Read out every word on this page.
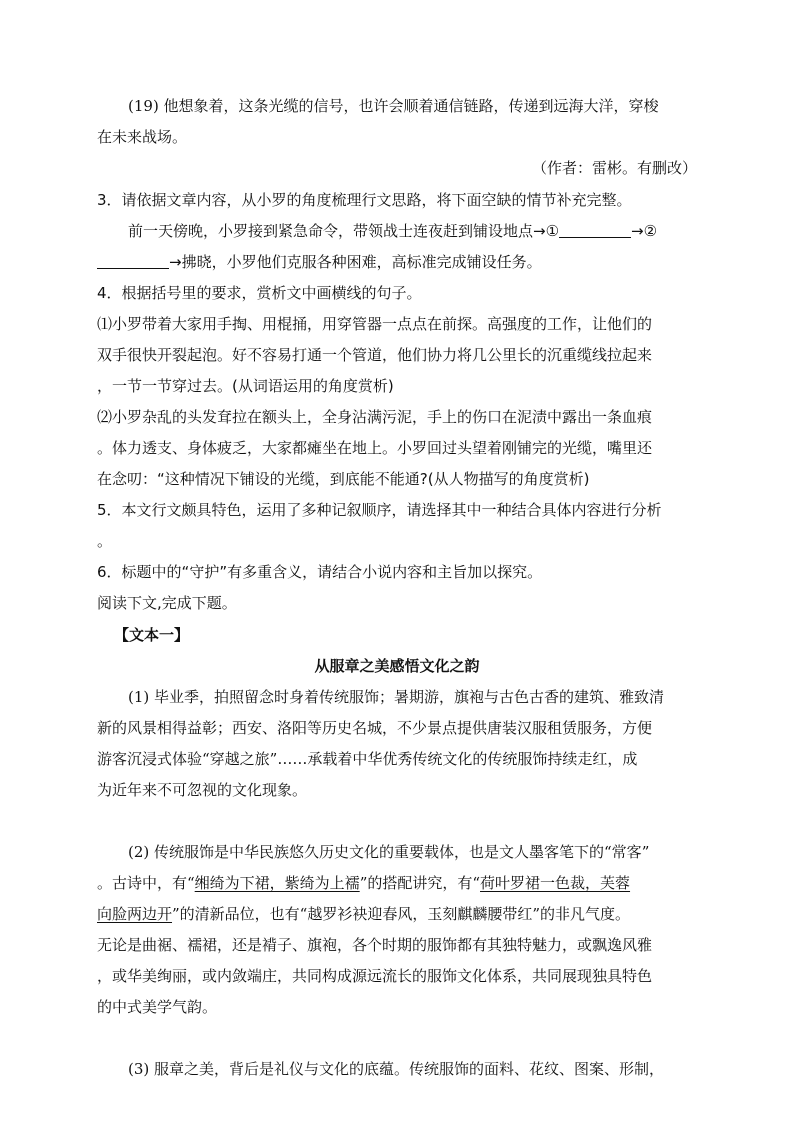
(19) 他想象着，这条光缆的信号，也许会顺着通信链路，传递到远海大洋，穿梭
在未来战场。
（作者：雷彬。有删改）
3．请依据文章内容，从小罗的角度梳理行文思路，将下面空缺的情节补充完整。
前一天傍晚，小罗接到紧急命令，带领战士连夜赶到铺设地点→①	→②
→拂晓，小罗他们克服各种困难，高标准完成铺设任务。
4．根据括号里的要求，赏析文中画横线的句子。
⑴小罗带着大家用手掏、用棍捅，用穿管器一点点在前探。高强度的工作，让他们的
双手很快开裂起泡。好不容易打通一个管道，他们协力将几公里长的沉重缆线拉起来
，一节一节穿过去。(从词语运用的角度赏析)
⑵小罗杂乱的头发耷拉在额头上，全身沾满污泥，手上的伤口在泥渍中露出一条血痕
。体力透支、身体疲乏，大家都瘫坐在地上。小罗回过头望着刚铺完的光缆，嘴里还
在念叨：“这种情况下铺设的光缆，到底能不能通?(从人物描写的角度赏析)
5．本文行文颇具特色，运用了多种记叙顺序，请选择其中一种结合具体内容进行分析
。
6．标题中的“守护”有多重含义，请结合小说内容和主旨加以探究。
阅读下文,完成下题。
【文本一】
从服章之美感悟文化之韵
(1) 毕业季，拍照留念时身着传统服饰；暑期游，旗袍与古色古香的建筑、雅致清
新的风景相得益彰；西安、洛阳等历史名城，不少景点提供唐装汉服租赁服务，方便
游客沉浸式体验“穿越之旅”……承载着中华优秀传统文化的传统服饰持续走红，成
为近年来不可忽视的文化现象。
(2) 传统服饰是中华民族悠久历史文化的重要载体，也是文人墨客笔下的“常客”
。古诗中，有“缃绮为下裙，紫绮为上襦”的搭配讲究，有“荷叶罗裙一色裁，芙蓉
向脸两边开”的清新品位，也有“越罗衫袂迎春风，玉刻麒麟腰带红”的非凡气度。
无论是曲裾、襦裙，还是褙子、旗袍，各个时期的服饰都有其独特魅力，或飘逸风雅
，或华美绚丽，或内敛端庄，共同构成源远流长的服饰文化体系，共同展现独具特色
的中式美学气韵。
(3) 服章之美，背后是礼仪与文化的底蕴。传统服饰的面料、花纹、图案、形制，
